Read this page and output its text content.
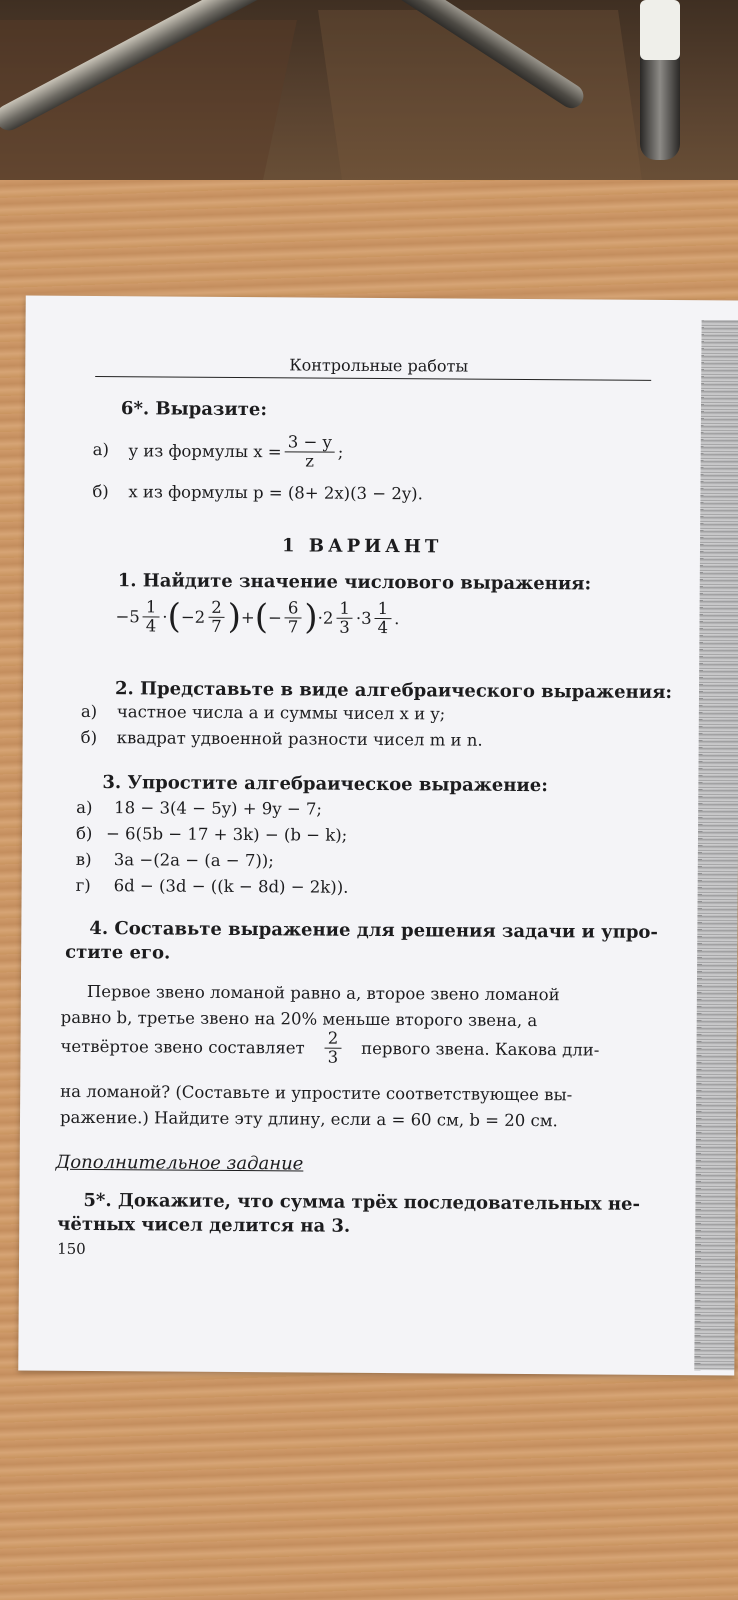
Контрольные работы
6*. Выразите:
а) y из формулы $x = \frac{3 - y}{z}$ ;
б) x из формулы p = (8+ 2x)(3 − 2y).
1 ВАРИАНТ
1. Найдите значение числового выражения:
$-5 \frac{1}{4}$ · ( $-2 \frac{2}{7}$ ) + ( − $\frac{6}{7}$ ) · $2 \frac{1}{3} \cdot 3 \frac{1}{4}$ .
2. Представьте в виде алгебраического выражения:
а) частное числа a и суммы чисел x и y;
б) квадрат удвоенной разности чисел m и n.
3. Упростите алгебраическое выражение:
а) 18 − 3(4 − 5y) + 9y − 7;
б) − 6(5b − 17 + 3k) − (b − k);
в) 3a −(2a − (a − 7));
г) 6d − (3d − ((k − 8d) − 2k)).
4. Составьте выражение для решения задачи и упро-
стите его.
Первое звено ломаной равно a, второе звено ломаной
равно b, третье звено на 20% меньше второго звена, а
четвёртое звено составляет $\frac{2}{3}$ первого звена. Какова дли-
на ломаной? (Составьте и упростите соответствующее вы-
ражение.) Найдите эту длину, если a = 60 см, b = 20 см.
Дополнительное задание
5*. Докажите, что сумма трёх последовательных не-
чётных чисел делится на 3.
150
